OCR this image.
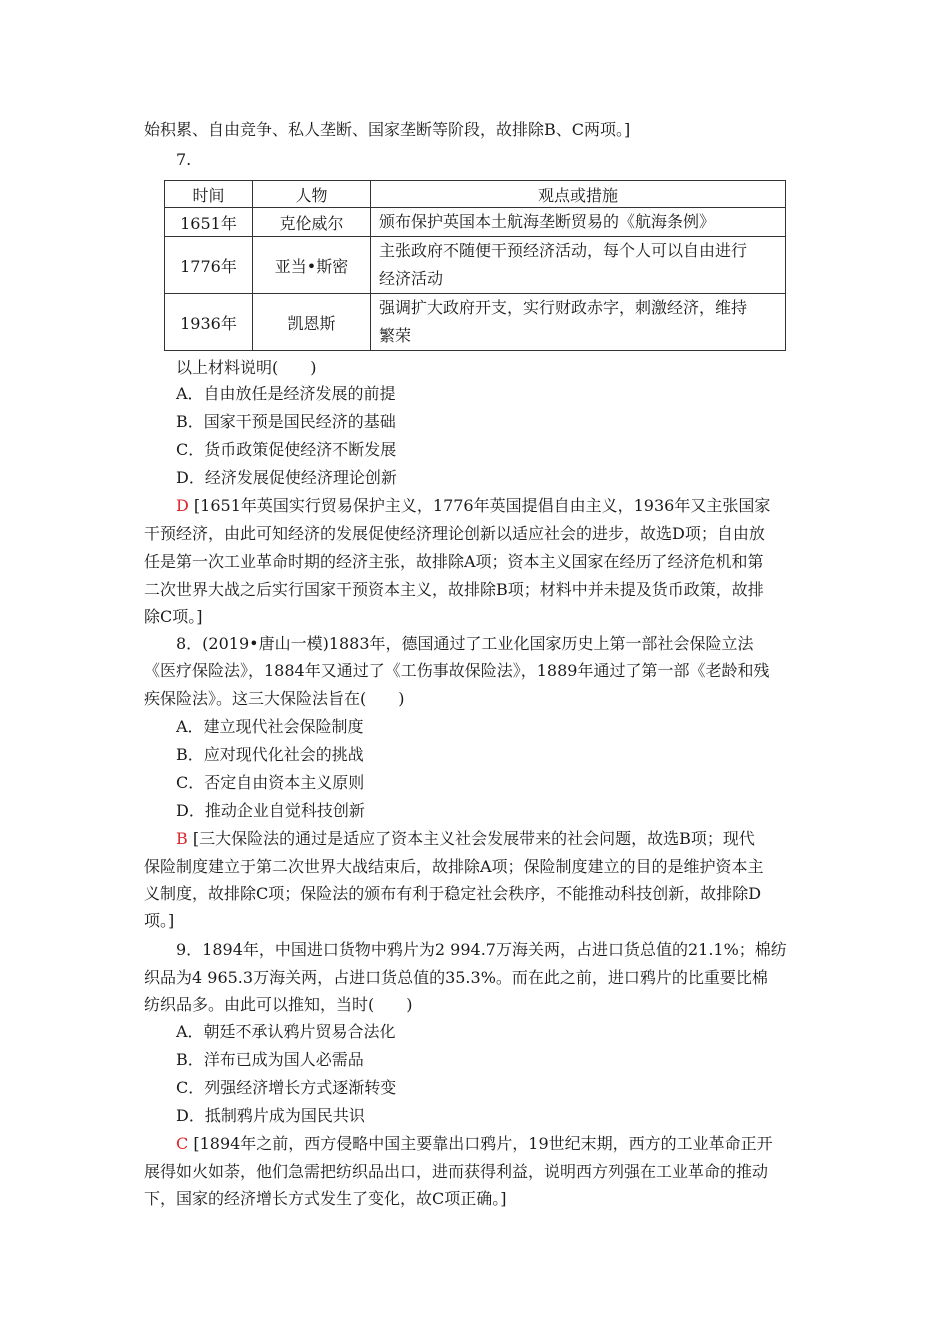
始积累、自由竞争、私人垄断、国家垄断等阶段，故排除B、C两项。]
7.
时间	人物	观点或措施
1651年	克伦威尔	颁布保护英国本土航海垄断贸易的《航海条例》

1776年	亚当•斯密	主张政府不随便干预经济活动，每个人可以自由进行
经济活动

1936年	凯恩斯	强调扩大政府开支，实行财政赤字，刺激经济，维持
繁荣
以上材料说明(　　)
A．自由放任是经济发展的前提
B．国家干预是国民经济的基础
C．货币政策促使经济不断发展
D．经济发展促使经济理论创新
D [1651年英国实行贸易保护主义，1776年英国提倡自由主义，1936年又主张国家
干预经济，由此可知经济的发展促使经济理论创新以适应社会的进步，故选D项；自由放
任是第一次工业革命时期的经济主张，故排除A项；资本主义国家在经历了经济危机和第
二次世界大战之后实行国家干预资本主义，故排除B项；材料中并未提及货币政策，故排
除C项。]
8．(2019•唐山一模)1883年，德国通过了工业化国家历史上第一部社会保险立法
《医疗保险法》，1884年又通过了《工伤事故保险法》，1889年通过了第一部《老龄和残
疾保险法》。这三大保险法旨在(　　)
A．建立现代社会保险制度
B．应对现代化社会的挑战
C．否定自由资本主义原则
D．推动企业自觉科技创新
B [三大保险法的通过是适应了资本主义社会发展带来的社会问题，故选B项；现代
保险制度建立于第二次世界大战结束后，故排除A项；保险制度建立的目的是维护资本主
义制度，故排除C项；保险法的颁布有利于稳定社会秩序，不能推动科技创新，故排除D
项。]
9．1894年，中国进口货物中鸦片为2 994.7万海关两，占进口货总值的21.1%；棉纺
织品为4 965.3万海关两，占进口货总值的35.3%。而在此之前，进口鸦片的比重要比棉
纺织品多。由此可以推知，当时(　　)
A．朝廷不承认鸦片贸易合法化
B．洋布已成为国人必需品
C．列强经济增长方式逐渐转变
D．抵制鸦片成为国民共识
C [1894年之前，西方侵略中国主要靠出口鸦片，19世纪末期，西方的工业革命正开
展得如火如荼，他们急需把纺织品出口，进而获得利益，说明西方列强在工业革命的推动
下，国家的经济增长方式发生了变化，故C项正确。]
